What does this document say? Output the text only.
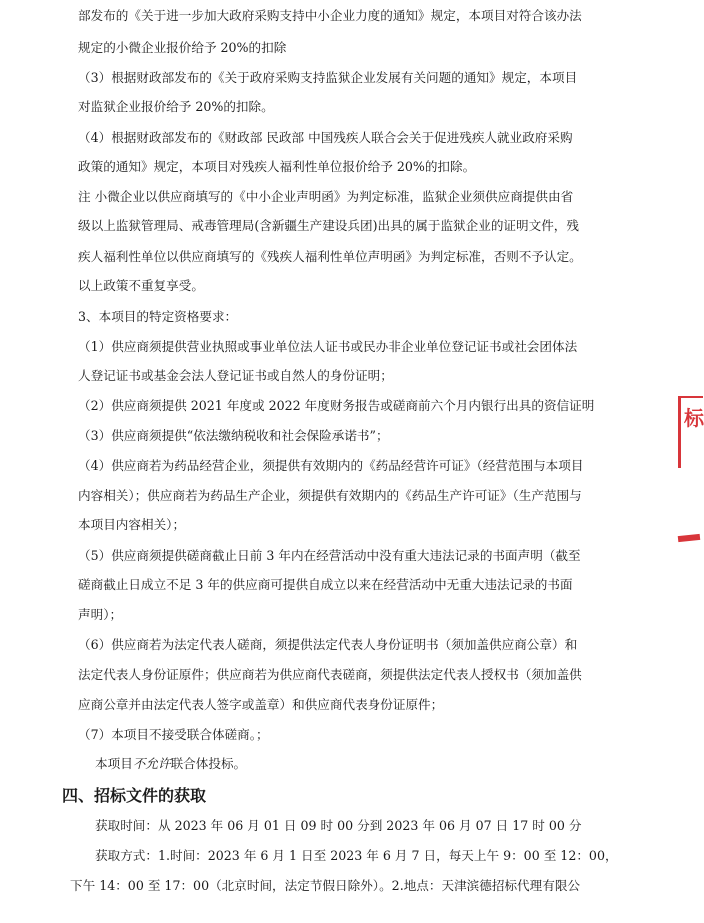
部发布的《关于进一步加大政府采购支持中小企业力度的通知》规定，本项目对符合该办法
规定的小微企业报价给予 20%的扣除
（3）根据财政部发布的《关于政府采购支持监狱企业发展有关问题的通知》规定，本项目
对监狱企业报价给予 20%的扣除。
（4）根据财政部发布的《财政部 民政部 中国残疾人联合会关于促进残疾人就业政府采购
政策的通知》规定，本项目对残疾人福利性单位报价给予 20%的扣除。
注 小微企业以供应商填写的《中小企业声明函》为判定标准，监狱企业须供应商提供由省
级以上监狱管理局、戒毒管理局(含新疆生产建设兵团)出具的属于监狱企业的证明文件，残
疾人福利性单位以供应商填写的《残疾人福利性单位声明函》为判定标准，否则不予认定。
以上政策不重复享受。
3、本项目的特定资格要求：
（1）供应商须提供营业执照或事业单位法人证书或民办非企业单位登记证书或社会团体法
人登记证书或基金会法人登记证书或自然人的身份证明；
（2）供应商须提供 2021 年度或 2022 年度财务报告或磋商前六个月内银行出具的资信证明
（3）供应商须提供“依法缴纳税收和社会保险承诺书”；
（4）供应商若为药品经营企业，须提供有效期内的《药品经营许可证》（经营范围与本项目
内容相关）；供应商若为药品生产企业，须提供有效期内的《药品生产许可证》（生产范围与
本项目内容相关）；
（5）供应商须提供磋商截止日前 3 年内在经营活动中没有重大违法记录的书面声明（截至
磋商截止日成立不足 3 年的供应商可提供自成立以来在经营活动中无重大违法记录的书面
声明）；
（6）供应商若为法定代表人磋商，须提供法定代表人身份证明书（须加盖供应商公章）和
法定代表人身份证原件；供应商若为供应商代表磋商，须提供法定代表人授权书（须加盖供
应商公章并由法定代表人签字或盖章）和供应商代表身份证原件；
（7）本项目不接受联合体磋商。；
本项目不允许联合体投标。
四、招标文件的获取
获取时间：从 2023 年 06 月 01 日 09 时 00 分到 2023 年 06 月 07 日 17 时 00 分
获取方式：1.时间：2023 年 6 月 1 日至 2023 年 6 月 7 日，每天上午 9：00 至 12：00，
下午 14：00 至 17：00（北京时间，法定节假日除外）。2.地点：天津滨德招标代理有限公
标
